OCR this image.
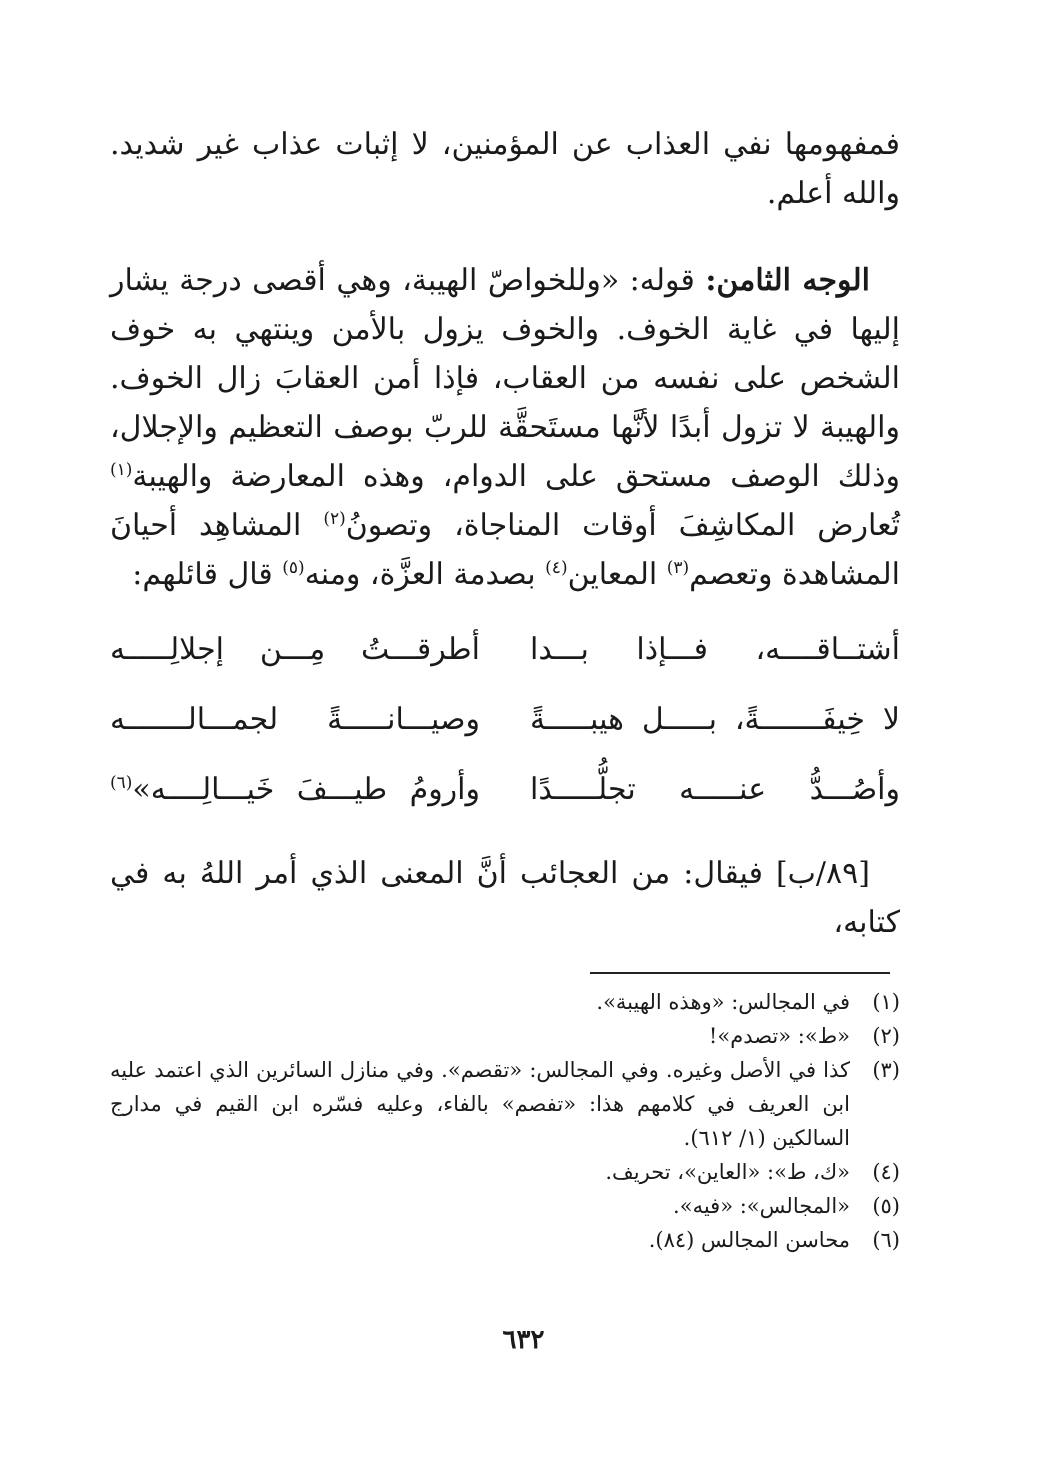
فمفهومها نفي العذاب عن المؤمنين، لا إثبات عذاب غير شديد. والله أعلم.

الوجه الثامن: قوله: «وللخواصّ الهيبة، وهي أقصى درجة يشار إليها في غاية الخوف. والخوف يزول بالأمن وينتهي به خوف الشخص على نفسه من العقاب، فإذا أمن العقابَ زال الخوف. والهيبة لا تزول أبدًا لأنَّها مستَحقَّة للربّ بوصف التعظيم والإجلال، وذلك الوصف مستحق على الدوام، وهذه المعارضة والهيبة$^{(١)}$ تُعارض المكاشِفَ أوقات المناجاة، وتصونُ$^{(٢)}$ المشاهِد أحيانَ المشاهدة وتعصم$^{(٣)}$ المعاين$^{(٤)}$ بصدمة العزَّة، ومنه$^{(٥)}$ قال قائلهم:

أشتــاقــــه، فـــإذا بـــدا
أطرقـــتُ مِـــن إجلالِـــــه
لا خِيفَـــــــةً، بـــــل هيبـــــةً
وصيـــانـــــةً لجمـــالـــــــه
وأصُـــدُّ عنـــــه تجلُّـــــدًا
وأرومُ طيـــفَ خَيـــالِــــه»$^{(٦)}$

[٨٩/ب] فيقال: من العجائب أنَّ المعنى الذي أمر اللهُ به في كتابه،

(١)
في المجالس: «وهذه الهيبة».
(٢)
«ط»: «تصدم»!
(٣)
كذا في الأصل وغيره. وفي المجالس: «تقصم». وفي منازل السائرين الذي اعتمد عليه ابن العريف في كلامهم هذا: «تفصم» بالفاء، وعليه فسّره ابن القيم في مدارج السالكين (١/ ٦١٢).
(٤)
«ك، ط»: «العاين»، تحريف.
(٥)
«المجالس»: «فيه».
(٦)
محاسن المجالس (٨٤).
٦٣٢
